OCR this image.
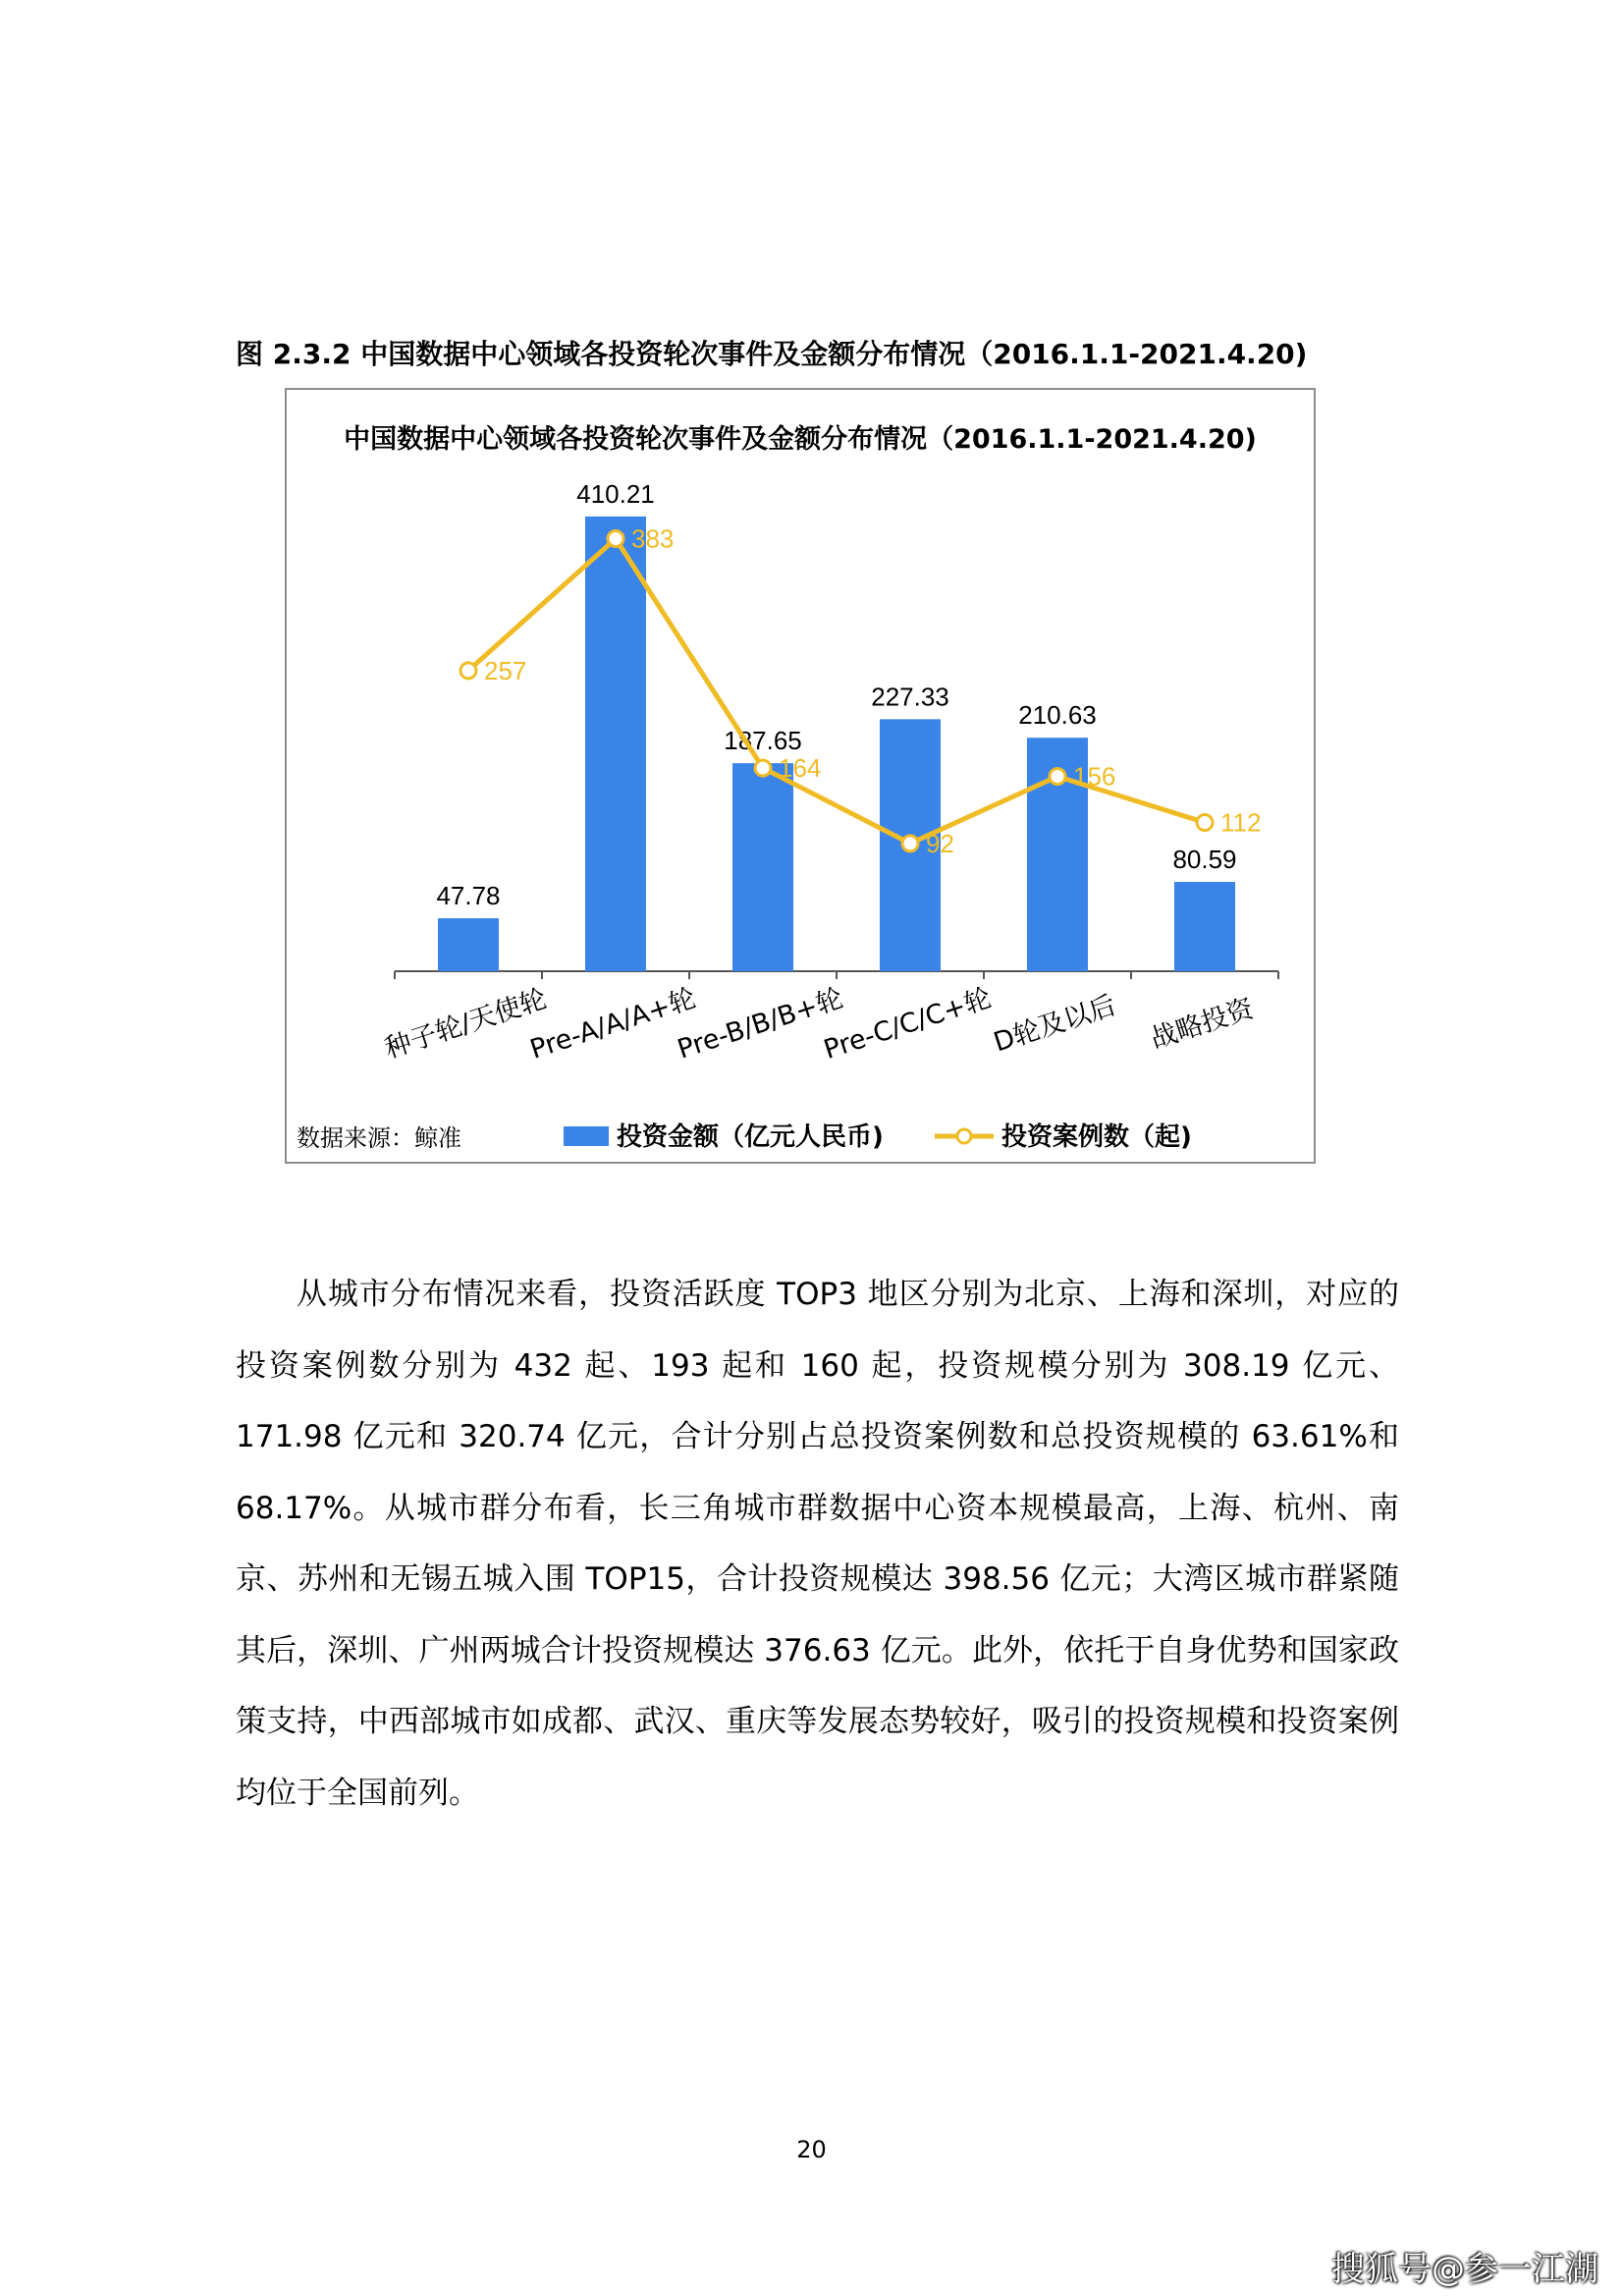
图 2.3.2 中国数据中心领域各投资轮次事件及金额分布情况（2016.1.1-2021.4.20)
中国数据中心领域各投资轮次事件及金额分布情况（2016.1.1-2021.4.20)
47.78
410.21
187.65
227.33
210.63
80.59
257
383
164
92
156
112
种子轮/天使轮
Pre-A/A/A+轮
Pre-B/B/B+轮
Pre-C/C/C+轮
D轮及以后 战略投资
数据来源：鲸准	投资金额（亿元人民币)	投资案例数（起)

从城市分布情况来看，投资活跃度 TOP3 地区分别为北京、上海和深圳，对应的投资案例数分别为 432 起、193 起和 160 起，投资规模分别为 308.19 亿元、171.98 亿元和 320.74 亿元，合计分别占总投资案例数和总投资规模的 63.61%和 68.17%。从城市群分布看，长三角城市群数据中心资本规模最高，上海、杭州、南京、苏州和无锡五城入围 TOP15，合计投资规模达 398.56 亿元；大湾区城市群紧随其后，深圳、广州两城合计投资规模达 376.63 亿元。此外，依托于自身优势和国家政策支持，中西部城市如成都、武汉、重庆等发展态势较好，吸引的投资规模和投资案例均位于全国前列。

20
搜狐号@参一江湖
